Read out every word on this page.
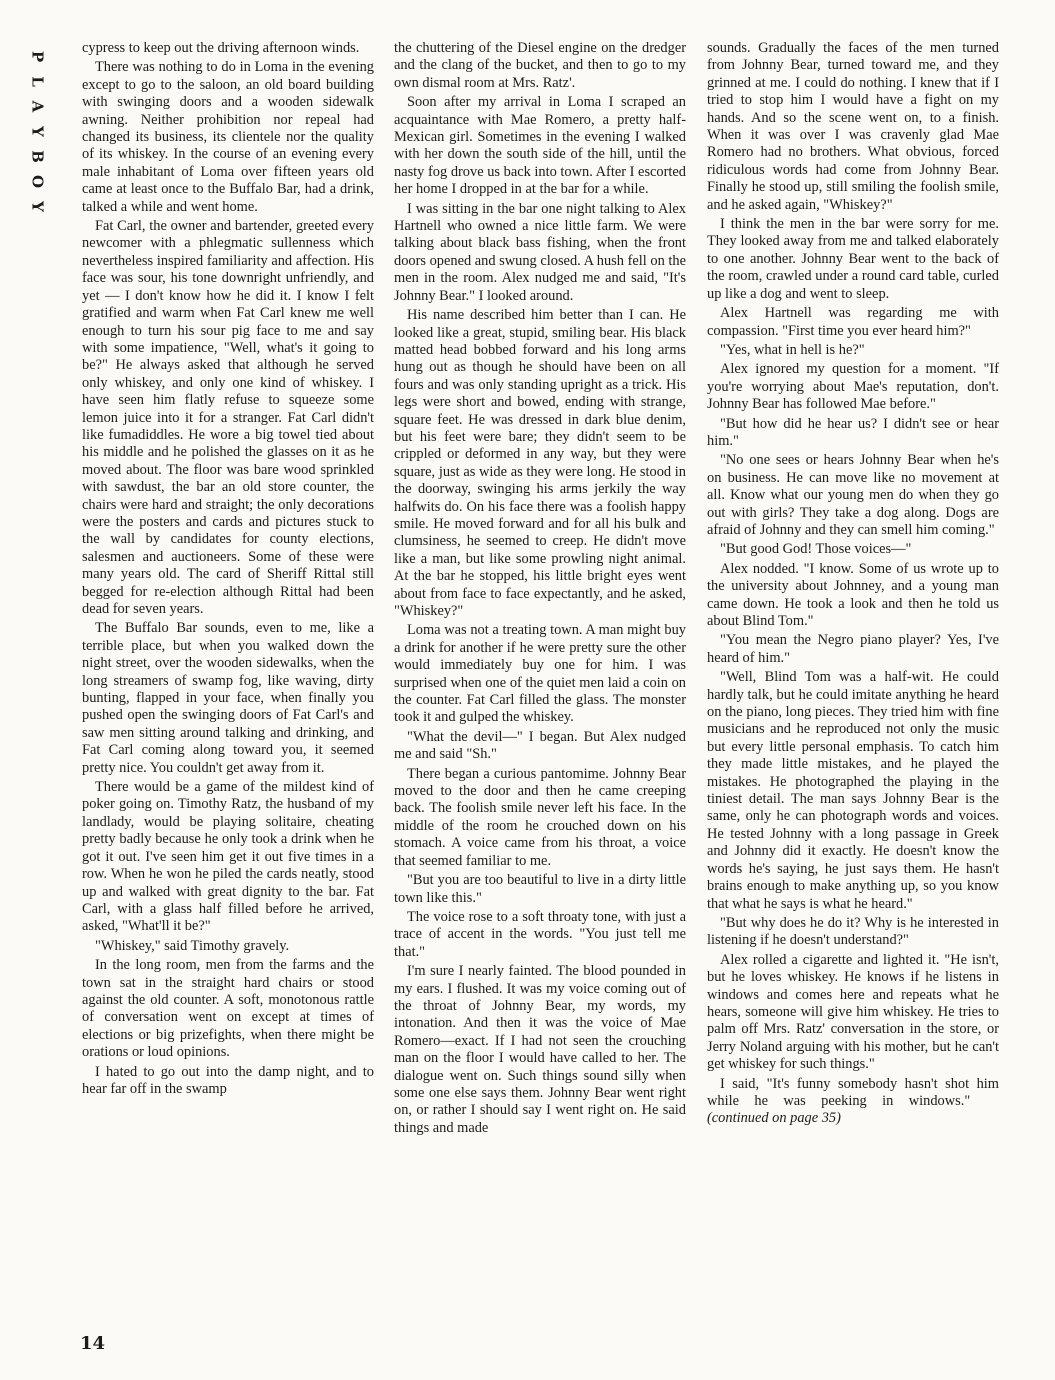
P
L
A
Y
B
O
Y

cypress to keep out the driving afternoon winds.

There was nothing to do in Loma in the evening except to go to the saloon, an old board building with swinging doors and a wooden sidewalk awning. Neither prohibition nor repeal had changed its business, its clientele nor the quality of its whiskey. In the course of an evening every male inhabitant of Loma over fifteen years old came at least once to the Buffalo Bar, had a drink, talked a while and went home.

Fat Carl, the owner and bartender, greeted every newcomer with a phlegmatic sullenness which nevertheless inspired familiarity and affection. His face was sour, his tone downright unfriendly, and yet — I don't know how he did it. I know I felt gratified and warm when Fat Carl knew me well enough to turn his sour pig face to me and say with some impatience, "Well, what's it going to be?" He always asked that although he served only whiskey, and only one kind of whiskey. I have seen him flatly refuse to squeeze some lemon juice into it for a stranger. Fat Carl didn't like fumadiddles. He wore a big towel tied about his middle and he polished the glasses on it as he moved about. The floor was bare wood sprinkled with sawdust, the bar an old store counter, the chairs were hard and straight; the only decorations were the posters and cards and pictures stuck to the wall by candidates for county elections, salesmen and auctioneers. Some of these were many years old. The card of Sheriff Rittal still begged for re-election although Rittal had been dead for seven years.

The Buffalo Bar sounds, even to me, like a terrible place, but when you walked down the night street, over the wooden sidewalks, when the long streamers of swamp fog, like waving, dirty bunting, flapped in your face, when finally you pushed open the swinging doors of Fat Carl's and saw men sitting around talking and drinking, and Fat Carl coming along toward you, it seemed pretty nice. You couldn't get away from it.

There would be a game of the mildest kind of poker going on. Timothy Ratz, the husband of my landlady, would be playing solitaire, cheating pretty badly because he only took a drink when he got it out. I've seen him get it out five times in a row. When he won he piled the cards neatly, stood up and walked with great dignity to the bar. Fat Carl, with a glass half filled before he arrived, asked, "What'll it be?"

"Whiskey," said Timothy gravely.

In the long room, men from the farms and the town sat in the straight hard chairs or stood against the old counter. A soft, monotonous rattle of conversation went on except at times of elections or big prizefights, when there might be orations or loud opinions.

I hated to go out into the damp night, and to hear far off in the swamp

the chuttering of the Diesel engine on the dredger and the clang of the bucket, and then to go to my own dismal room at Mrs. Ratz'.

Soon after my arrival in Loma I scraped an acquaintance with Mae Romero, a pretty half-Mexican girl. Sometimes in the evening I walked with her down the south side of the hill, until the nasty fog drove us back into town. After I escorted her home I dropped in at the bar for a while.

I was sitting in the bar one night talking to Alex Hartnell who owned a nice little farm. We were talking about black bass fishing, when the front doors opened and swung closed. A hush fell on the men in the room. Alex nudged me and said, "It's Johnny Bear." I looked around.

His name described him better than I can. He looked like a great, stupid, smiling bear. His black matted head bobbed forward and his long arms hung out as though he should have been on all fours and was only standing upright as a trick. His legs were short and bowed, ending with strange, square feet. He was dressed in dark blue denim, but his feet were bare; they didn't seem to be crippled or deformed in any way, but they were square, just as wide as they were long. He stood in the doorway, swinging his arms jerkily the way halfwits do. On his face there was a foolish happy smile. He moved forward and for all his bulk and clumsiness, he seemed to creep. He didn't move like a man, but like some prowling night animal. At the bar he stopped, his little bright eyes went about from face to face expectantly, and he asked, "Whiskey?"

Loma was not a treating town. A man might buy a drink for another if he were pretty sure the other would immediately buy one for him. I was surprised when one of the quiet men laid a coin on the counter. Fat Carl filled the glass. The monster took it and gulped the whiskey.

"What the devil—" I began. But Alex nudged me and said "Sh."

There began a curious pantomime. Johnny Bear moved to the door and then he came creeping back. The foolish smile never left his face. In the middle of the room he crouched down on his stomach. A voice came from his throat, a voice that seemed familiar to me.

"But you are too beautiful to live in a dirty little town like this."

The voice rose to a soft throaty tone, with just a trace of accent in the words. "You just tell me that."

I'm sure I nearly fainted. The blood pounded in my ears. I flushed. It was my voice coming out of the throat of Johnny Bear, my words, my intonation. And then it was the voice of Mae Romero—exact. If I had not seen the crouching man on the floor I would have called to her. The dialogue went on. Such things sound silly when some one else says them. Johnny Bear went right on, or rather I should say I went right on. He said things and made

sounds. Gradually the faces of the men turned from Johnny Bear, turned toward me, and they grinned at me. I could do nothing. I knew that if I tried to stop him I would have a fight on my hands. And so the scene went on, to a finish. When it was over I was cravenly glad Mae Romero had no brothers. What obvious, forced ridiculous words had come from Johnny Bear. Finally he stood up, still smiling the foolish smile, and he asked again, "Whiskey?"

I think the men in the bar were sorry for me. They looked away from me and talked elaborately to one another. Johnny Bear went to the back of the room, crawled under a round card table, curled up like a dog and went to sleep.

Alex Hartnell was regarding me with compassion. "First time you ever heard him?"

"Yes, what in hell is he?"

Alex ignored my question for a moment. "If you're worrying about Mae's reputation, don't. Johnny Bear has followed Mae before."

"But how did he hear us? I didn't see or hear him."

"No one sees or hears Johnny Bear when he's on business. He can move like no movement at all. Know what our young men do when they go out with girls? They take a dog along. Dogs are afraid of Johnny and they can smell him coming."

"But good God! Those voices—"

Alex nodded. "I know. Some of us wrote up to the university about Johnney, and a young man came down. He took a look and then he told us about Blind Tom."

"You mean the Negro piano player? Yes, I've heard of him."

"Well, Blind Tom was a half-wit. He could hardly talk, but he could imitate anything he heard on the piano, long pieces. They tried him with fine musicians and he reproduced not only the music but every little personal emphasis. To catch him they made little mistakes, and he played the mistakes. He photographed the playing in the tiniest detail. The man says Johnny Bear is the same, only he can photograph words and voices. He tested Johnny with a long passage in Greek and Johnny did it exactly. He doesn't know the words he's saying, he just says them. He hasn't brains enough to make anything up, so you know that what he says is what he heard."

"But why does he do it? Why is he interested in listening if he doesn't understand?"

Alex rolled a cigarette and lighted it. "He isn't, but he loves whiskey. He knows if he listens in windows and comes here and repeats what he hears, someone will give him whiskey. He tries to palm off Mrs. Ratz' conversation in the store, or Jerry Noland arguing with his mother, but he can't get whiskey for such things."

I said, "It's funny somebody hasn't shot him while he was peeking in windows."  (continued on page 35)

14
